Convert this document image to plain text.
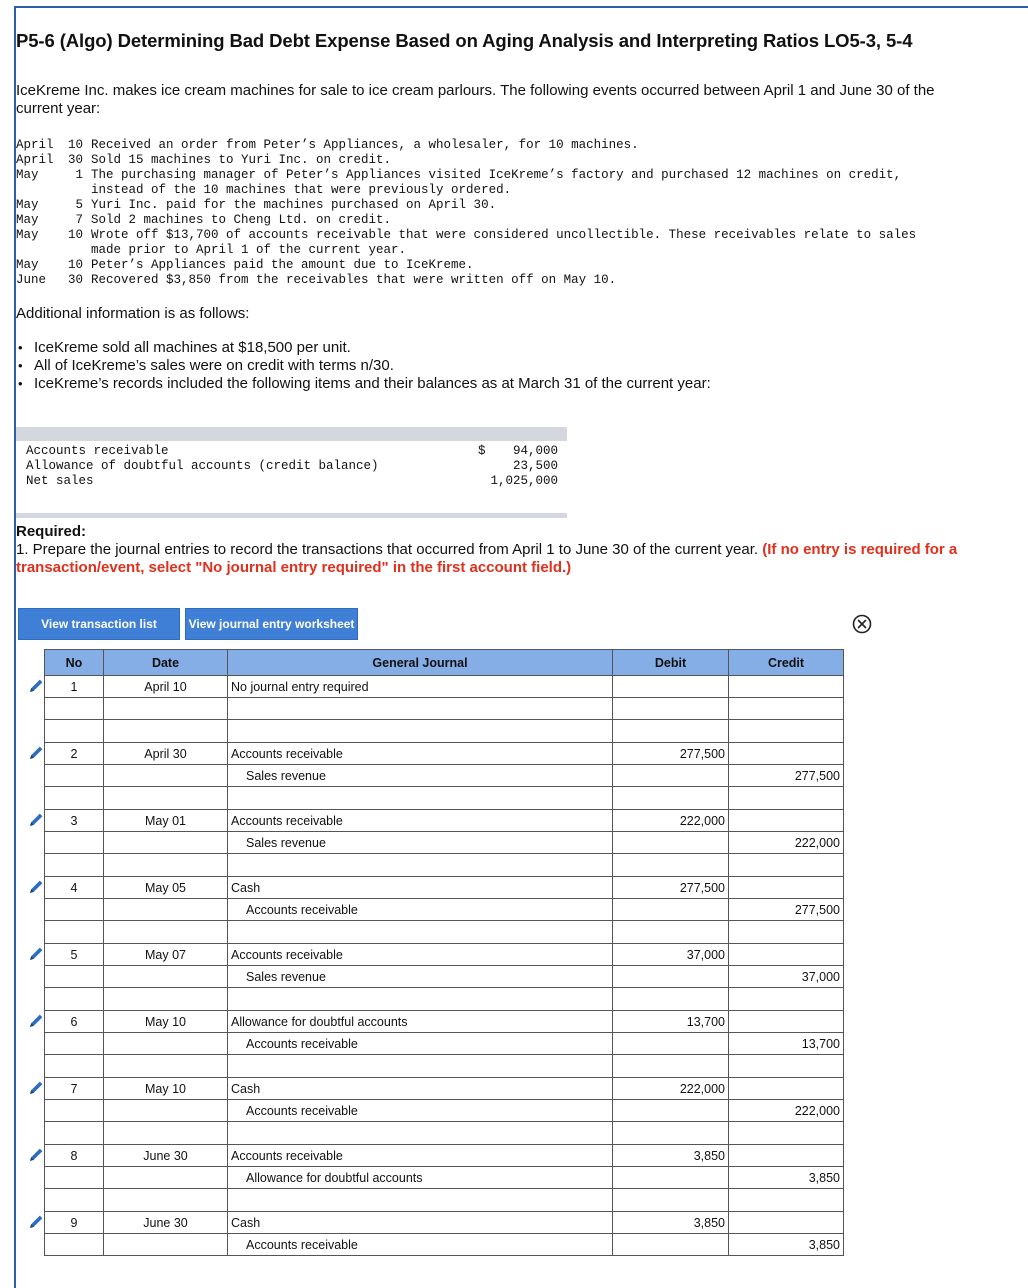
P5-6 (Algo) Determining Bad Debt Expense Based on Aging Analysis and Interpreting Ratios LO5-3, 5-4

IceKreme Inc. makes ice cream machines for sale to ice cream parlours. The following events occurred between April 1 and June 30 of the current year:

April	10 Received an order from Peter’s Appliances, a wholesaler, for 10 machines.
April	30 Sold 15 machines to Yuri Inc. on credit.
May	1 The purchasing manager of Peter’s Appliances visited IceKreme’s factory and purchased 12 machines on credit,
instead of the 10 machines that were previously ordered.
May	5 Yuri Inc. paid for the machines purchased on April 30.
May	7 Sold 2 machines to Cheng Ltd. on credit.
May	10 Wrote off $13,700 of accounts receivable that were considered uncollectible. These receivables relate to sales
made prior to April 1 of the current year.
May	10 Peter’s Appliances paid the amount due to IceKreme.
June	30 Recovered $3,850 from the receivables that were written off on May 10.

Additional information is as follows:

• IceKreme sold all machines at $18,500 per unit.
• All of IceKreme’s sales were on credit with terms n/30.
• IceKreme’s records included the following items and their balances as at March 31 of the current year:
Accounts receivable	$ 94,000
Allowance of doubtful accounts (credit balance)	23,500
Net sales	1,025,000

Required:

1. Prepare the journal entries to record the transactions that occurred from April 1 to June 30 of the current year. (If no entry is required for a transaction/event, select "No journal entry required" in the first account field.)

View transaction list	View journal entry worksheet
No	Date	General Journal	Debit	Credit
1	April 10	No journal entry required		

2	April 30	Accounts receivable	277,500	
		Sales revenue		277,500

3	May 01	Accounts receivable	222,000	
		Sales revenue		222,000

4	May 05	Cash	277,500	
		Accounts receivable		277,500

5	May 07	Accounts receivable	37,000	
		Sales revenue		37,000

6	May 10	Allowance for doubtful accounts	13,700	
		Accounts receivable		13,700

7	May 10	Cash	222,000	
		Accounts receivable		222,000

8	June 30	Accounts receivable	3,850	
		Allowance for doubtful accounts		3,850

9	June 30	Cash	3,850	
		Accounts receivable		3,850
